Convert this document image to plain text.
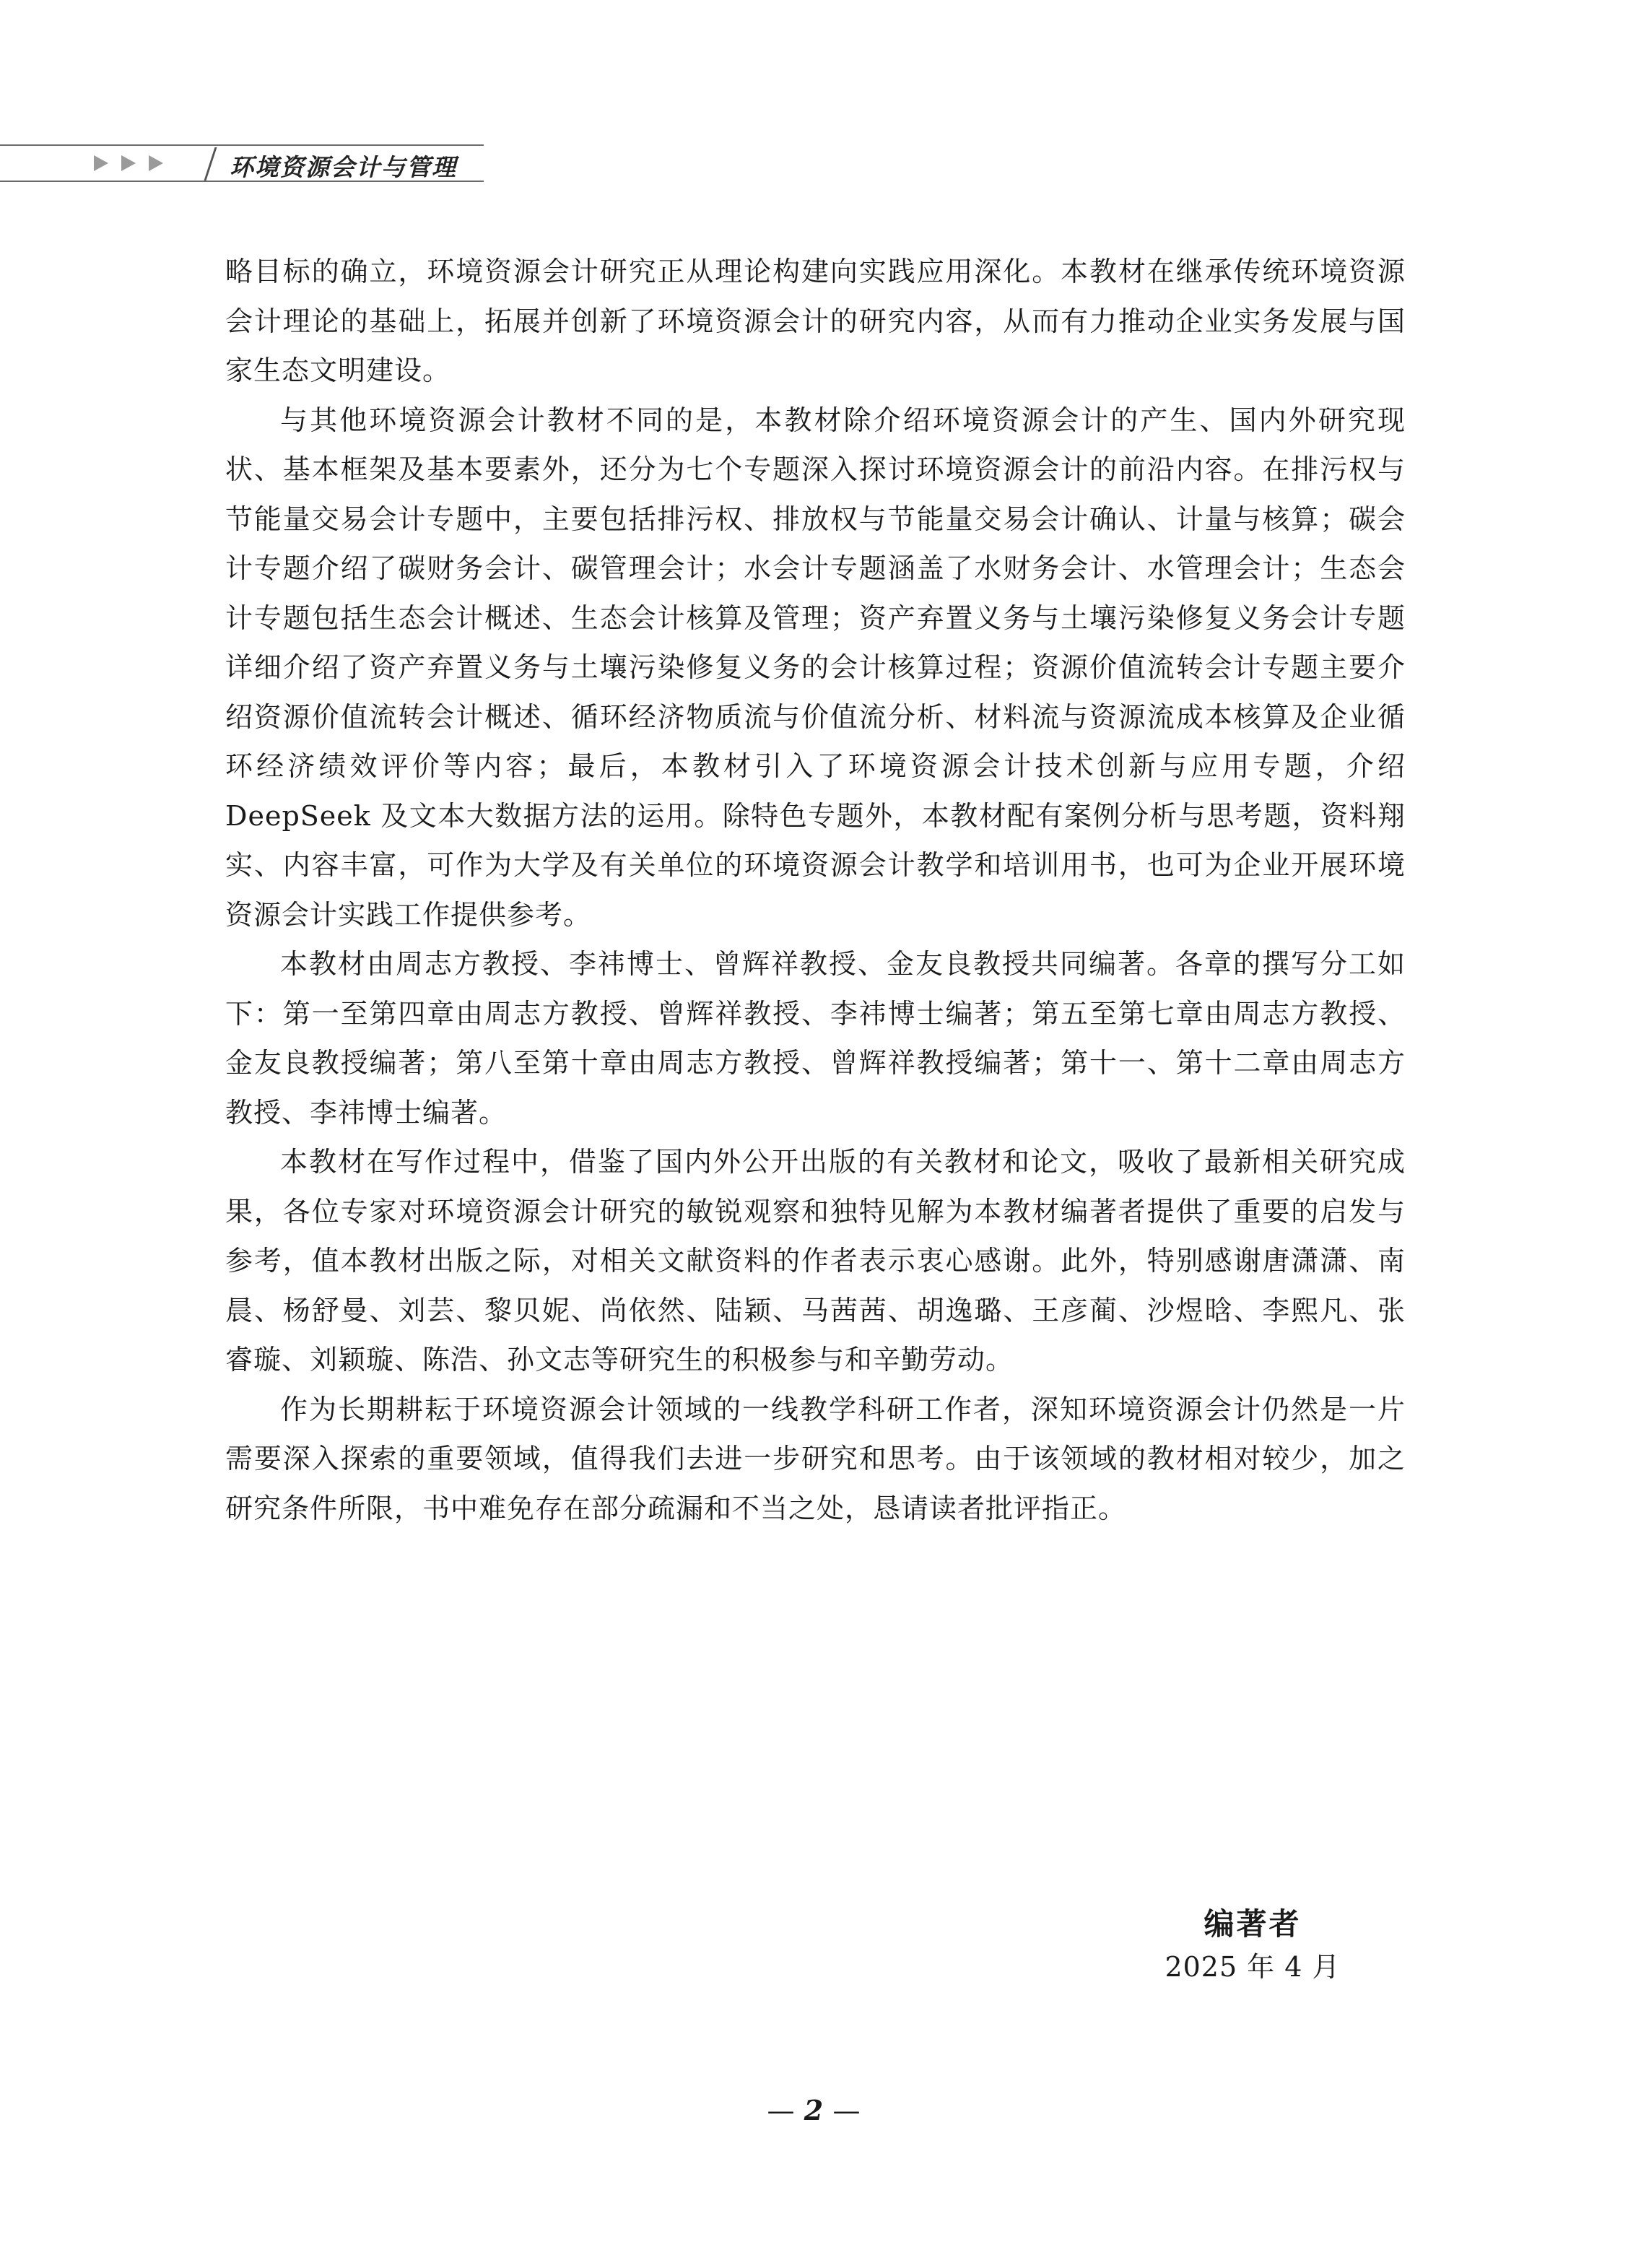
环境资源会计与管理

略目标的确立，环境资源会计研究正从理论构建向实践应用深化。本教材在继承传统环境资源会计理论的基础上，拓展并创新了环境资源会计的研究内容，从而有力推动企业实务发展与国家生态文明建设。

与其他环境资源会计教材不同的是，本教材除介绍环境资源会计的产生、国内外研究现状、基本框架及基本要素外，还分为七个专题深入探讨环境资源会计的前沿内容。在排污权与节能量交易会计专题中，主要包括排污权、排放权与节能量交易会计确认、计量与核算；碳会计专题介绍了碳财务会计、碳管理会计；水会计专题涵盖了水财务会计、水管理会计；生态会计专题包括生态会计概述、生态会计核算及管理；资产弃置义务与土壤污染修复义务会计专题详细介绍了资产弃置义务与土壤污染修复义务的会计核算过程；资源价值流转会计专题主要介绍资源价值流转会计概述、循环经济物质流与价值流分析、材料流与资源流成本核算及企业循环经济绩效评价等内容；最后，本教材引入了环境资源会计技术创新与应用专题，介绍 DeepSeek 及文本大数据方法的运用。除特色专题外，本教材配有案例分析与思考题，资料翔实、内容丰富，可作为大学及有关单位的环境资源会计教学和培训用书，也可为企业开展环境资源会计实践工作提供参考。

本教材由周志方教授、李祎博士、曾辉祥教授、金友良教授共同编著。各章的撰写分工如下：第一至第四章由周志方教授、曾辉祥教授、李祎博士编著；第五至第七章由周志方教授、金友良教授编著；第八至第十章由周志方教授、曾辉祥教授编著；第十一、第十二章由周志方教授、李祎博士编著。

本教材在写作过程中，借鉴了国内外公开出版的有关教材和论文，吸收了最新相关研究成果，各位专家对环境资源会计研究的敏锐观察和独特见解为本教材编著者提供了重要的启发与参考，值本教材出版之际，对相关文献资料的作者表示衷心感谢。此外，特别感谢唐潇潇、南晨、杨舒曼、刘芸、黎贝妮、尚依然、陆颖、马茜茜、胡逸璐、王彦蔺、沙煜晗、李熙凡、张睿璇、刘颖璇、陈浩、孙文志等研究生的积极参与和辛勤劳动。

作为长期耕耘于环境资源会计领域的一线教学科研工作者，深知环境资源会计仍然是一片需要深入探索的重要领域，值得我们去进一步研究和思考。由于该领域的教材相对较少，加之研究条件所限，书中难免存在部分疏漏和不当之处，恳请读者批评指正。

编著者
2025 年 4 月
— 2 —
